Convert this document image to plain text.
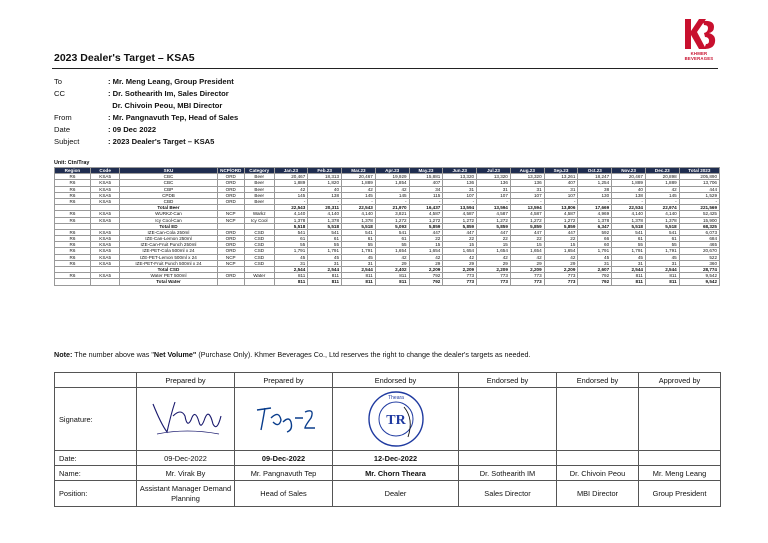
KHMER
BEVERAGES
2023 Dealer's Target – KSA5
To	: Mr. Meng Leang, Group President
CC	: Dr. Sothearith Im, Sales Director
Dr. Chivoin Peou, MBI Director
From	: Mr. Pangnavuth Tep, Head of Sales
Date	: 09 Dec 2022
Subject	: 2023 Dealer's Target – KSA5
Unit: Ctn/Tray
Region	Code	SKU	NCP/ORD	Category	Jan.23	Feb.23	Mar.23	Apr.23	May.23	Jun.23	Jul.23	Aug.23	Sep.23	Oct.23	Nov.23	Dec.23	Total 2023
R6	KSA5	CBC	ORD	Beer	20,467	18,313	20,467	19,929	15,881	13,320	13,320	13,320	13,261	18,247	20,467	20,898	205,890
R6	KSA5	CBC	ORD	Beer	1,889	1,820	1,889	1,854	407	136	136	136	407	1,254	1,889	1,889	13,706
R6	KSA5	CBP	ORD	Beer	42	40	42	42	34	31	31	31	31	38	40	42	444
R6	KSA5	CPDB	ORD	Beer	145	138	145	145	115	107	107	107	107	130	138	145	1,529
R6	KSA5	CBD	ORD	Beer	-	-	-	-	-	-	-	-	-	-	-	-	-
		Total Beer			22,543	20,311	22,543	21,970	16,437	13,594	13,594	13,594	13,806	17,669	22,534	22,974	221,569
R6	KSA5	WURKZ-Can	NCP	Warkz	4,140	4,140	4,140	3,821	4,587	4,587	4,587	4,587	4,587	4,969	4,140	4,140	52,425
R6	KSA5	Icy Cool-Can	NCP	Icy Cool	1,378	1,378	1,378	1,272	1,272	1,272	1,272	1,272	1,272	1,378	1,378	1,378	15,900
		Total ED			5,518	5,518	5,518	5,093	5,859	5,859	5,859	5,859	5,859	6,347	5,518	5,518	68,325
R6	KSA5	IZE-Can-Cola 250ml	ORD	CSD	541	541	541	541	447	447	447	447	447	592	541	541	6,073
R6	KSA5	IZE-Can-Lemon 250ml	ORD	CSD	61	61	61	61	22	22	22	22	22	66	61	61	684
R6	KSA5	IZE-Can-Fruit Punch 250ml	ORD	CSD	55	55	55	55	15	15	15	15	15	60	55	55	465
R6	KSA5	IZE-PET-Cola 500ml x 24	ORD	CSD	1,791	1,791	1,791	1,654	1,654	1,654	1,654	1,654	1,654	1,791	1,791	1,791	20,670
R6	KSA5	IZE-PET-Lemon 500ml x 24	NCP	CSD	45	45	45	42	42	42	42	42	42	45	45	45	522
R6	KSA5	IZE-PET-Fruit Punch 500ml x 24	NCP	CSD	31	31	31	29	29	29	29	29	29	31	31	31	360
		Total CSD			2,544	2,544	2,544	2,402	2,209	2,209	2,209	2,209	2,209	2,607	2,544	2,544	28,774
R6	KSA5	Water PET 500ml	ORD	Water	811	811	811	811	792	773	773	773	773	792	811	811	9,542
		Total Water			811	811	811	811	792	773	773	773	773	792	811	811	9,542
Note: The number above was "Net Volume" (Purchase Only). Khmer Beverages Co., Ltd reserves the right to change the dealer's targets as needed.
	Prepared by	Prepared by	Endorsed by	Endorsed by	Endorsed by	Approved by
Signature:			TR
Theara			

Date:	09-Dec-2022	09-Dec-2022	12-Dec-2022			
Name:	Mr. Virak By	Mr. Pangnavuth Tep	Mr. Chorn Theara	Dr. Sothearith IM	Dr. Chivoin Peou	Mr. Meng Leang
Position:	Assistant Manager Demand Planning	Head of Sales	Dealer	Sales Director	MBI Director	Group President
